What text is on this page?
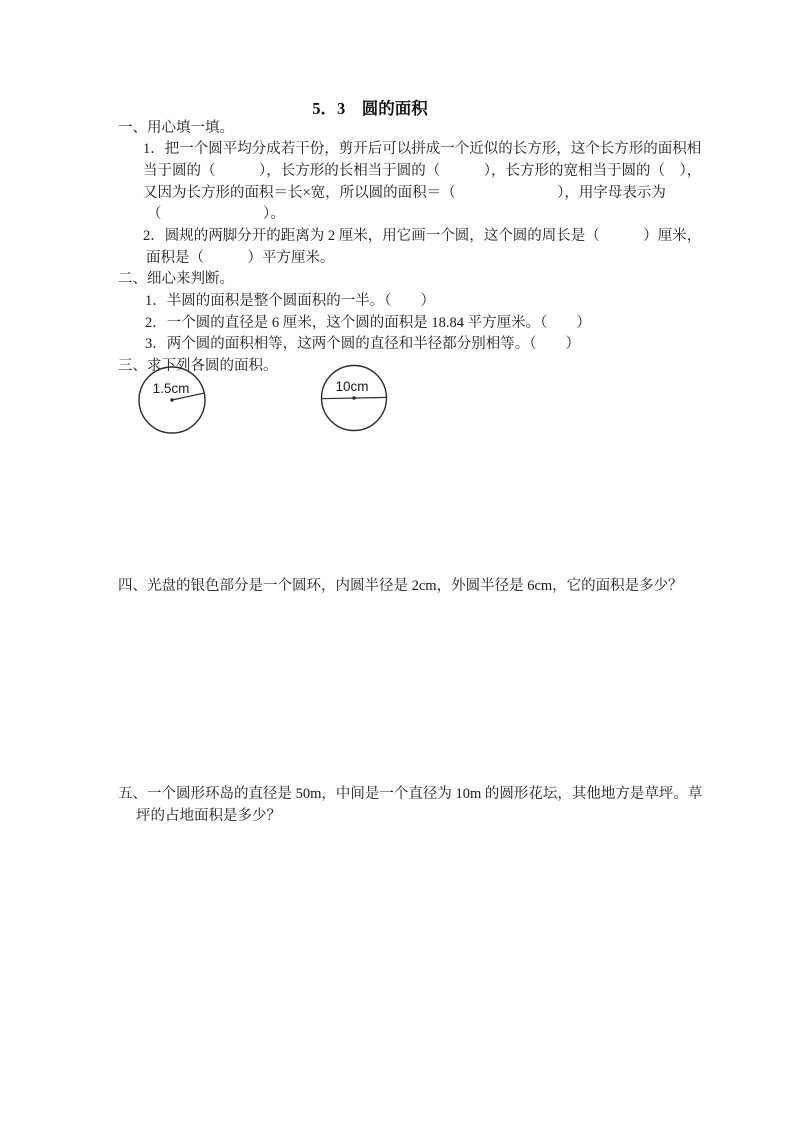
5．3　圆的面积
一、用心填一填。
1．把一个圆平均分成若干份，剪开后可以拼成一个近似的长方形，这个长方形的面积相
当于圆的（　　　），长方形的长相当于圆的（　　　），长方形的宽相当于圆的（　），
又因为长方形的面积＝长×宽，所以圆的面积＝（　　　　　　　），用字母表示为
（　　　　　　　）。
2．圆规的两脚分开的距离为 2 厘米，用它画一个圆，这个圆的周长是（　　　）厘米，
面积是（　　　）平方厘米。
二、细心来判断。
1．半圆的面积是整个圆面积的一半。（　　）
2．一个圆的直径是 6 厘米，这个圆的面积是 18.84 平方厘米。（　　）
3．两个圆的面积相等，这两个圆的直径和半径都分别相等。（　　）
三、求下列各圆的面积。
1.5cm	10cm
四、光盘的银色部分是一个圆环，内圆半径是 2cm，外圆半径是 6cm，它的面积是多少？
五、一个圆形环岛的直径是 50m，中间是一个直径为 10m 的圆形花坛，其他地方是草坪。草
坪的占地面积是多少？
